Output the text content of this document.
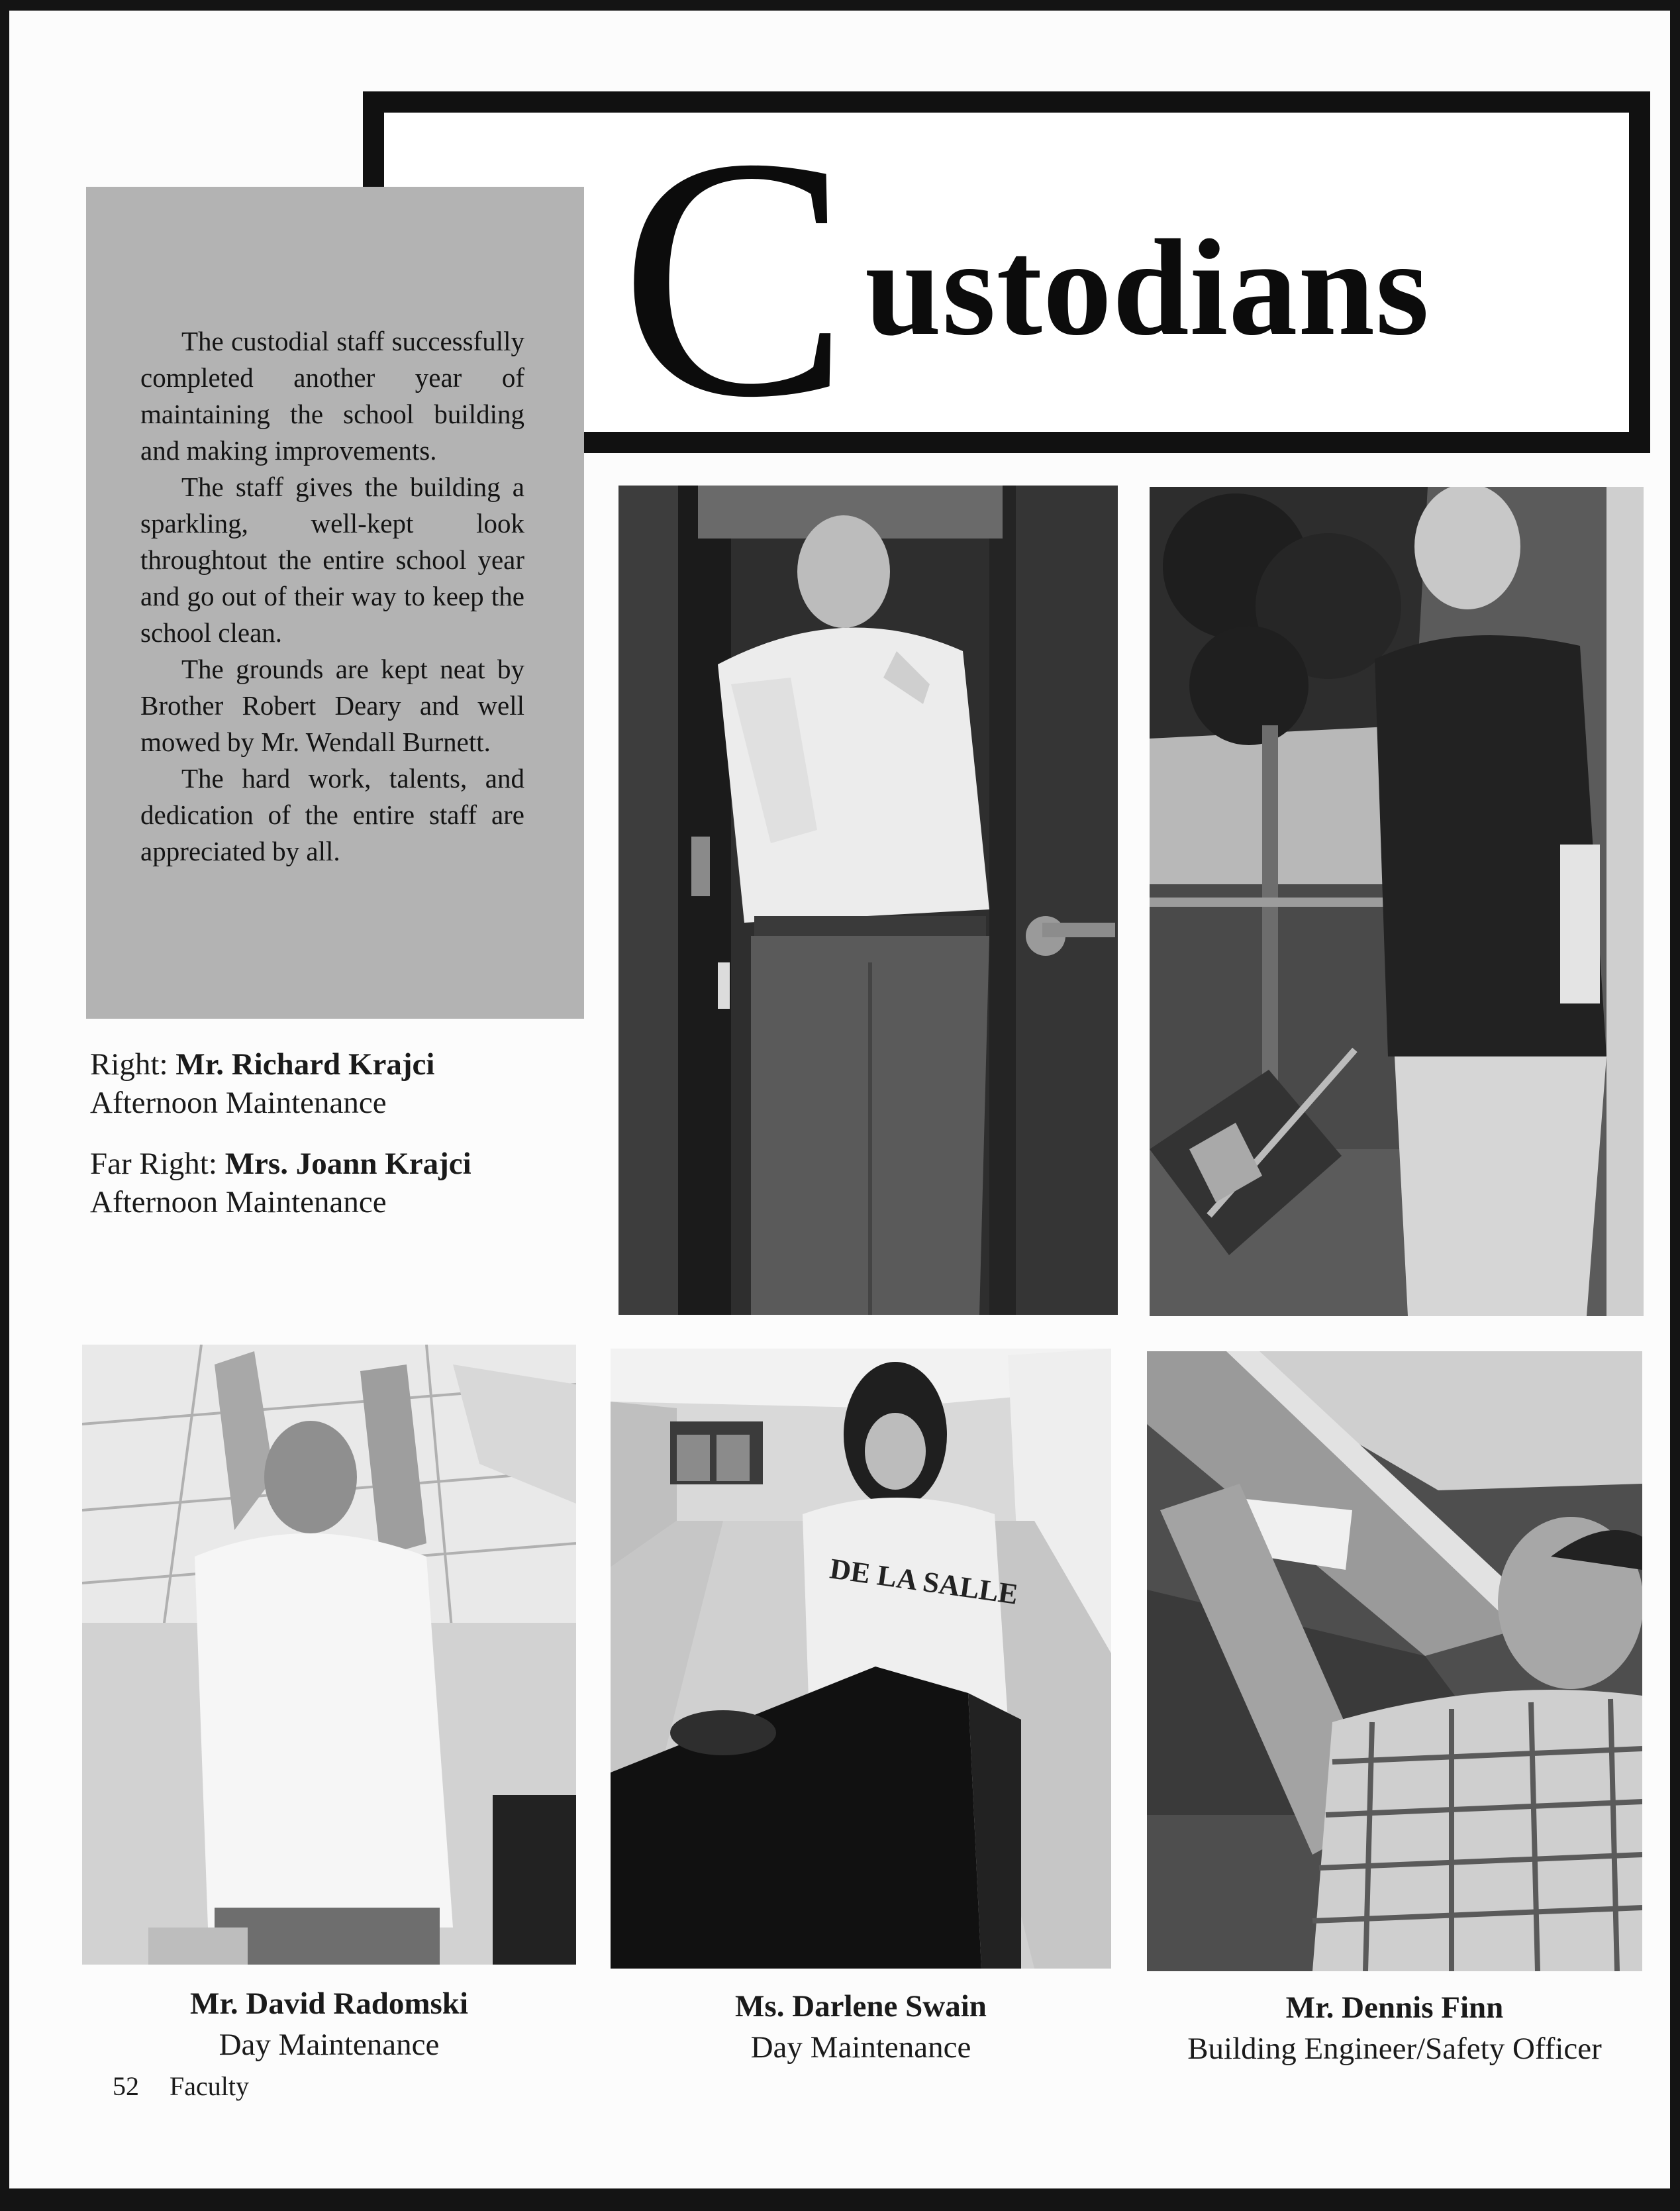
C ustodians

The custodial staff successfully completed another year of maintaining the school building and making improvements.

The staff gives the building a sparkling, well-kept look throughtout the entire school year and go out of their way to keep the school clean.

The grounds are kept neat by Brother Robert Deary and well mowed by Mr. Wendall Burnett.

The hard work, talents, and dedication of the entire staff are appreciated by all.

Right: Mr. Richard Krajci
Afternoon Maintenance
Far Right: Mrs. Joann Krajci
Afternoon Maintenance
DE LA SALLE
Mr. David Radomski
Day Maintenance
Ms. Darlene Swain
Day Maintenance
Mr. Dennis Finn
Building Engineer/Safety Officer
52 Faculty
